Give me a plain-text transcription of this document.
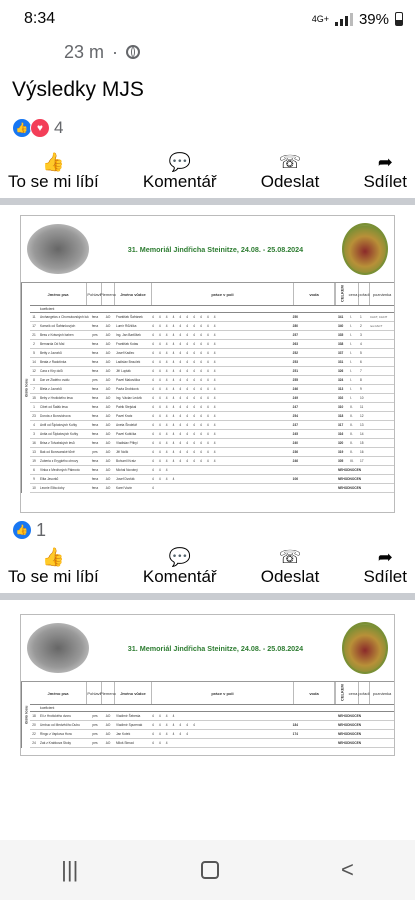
8:34	4G+ 39%
23 m ·
Výsledky MJS
👍 ♥ 4
👍
To se mi líbí
💬
Komentář
☏
Odeslat
➦
Sdílet
31. Memoriál Jindřicha Steinitze, 24.08. - 25.08.2024
číslo losu
Jméno psa	Pohlaví Plemeno	Jméno vůdce	práce v poli	voda	CELKEM	cena pořadí poznámka
koeficient
11	Archangelos z Chomutovských luk fena	AO	František Šafránek	4 4 4 4 4 4 4 4 4 4	250	341	I.	1	CACT, CACIT
17	Kamzík od Šafránkových	fena	AO	Lumír Růžička	4 4 4 4 4 4 4 4 4 4	280	340	I.	2	res.CACT
21	Bess z Krásných bahen	pes	AO	Ing. Jan Bartůšek	4 4 4 4 4 4 4 4 4 4	257	335	I.	3
2	Bernarda Od Mal	fena	AO	František Kotas	4 4 4 4 4 4 4 4 4 4	263	338	I.	4
5	Betty z Javorků	fena	AO	Josef Kadlec	4 4 4 4 4 4 4 4 4 4	252	337	I.	5
14	Beata z Radotínka	fena	AO	Ladislav Brouček	4 4 4 4 4 4 4 4 4 4	253	331	I.	6
12	Cara z Kiry dolů	fena	AO	Jiří Lupták	4 4 4 4 4 4 4 4 4 4	251	326	I.	7
8	Dar ze Zlatého oválu	pes	AO	Pavel Makovička	4 4 4 4 4 4 4 4 4 4	255	324	I.	8
7	Bleta z Javorků	fena	AO	Pavla Drobková	4 4 4 4 4 4 4 4 4 4	246	313	I.	9
15	Beby z Hrotického lesa	fena	AO	Ing. Václav Ledvik	4 4 4 4 4 4 4 4 4 4	249	302	I.	10
1	Cibet od Šafák lesa	fena	AO	Patrik Stejskal	4 4 4 4 4 4 4 4 4 4	247	310	II.	11
23	Dorota z Borovichova	fena	AO	Pavel Kratz	4 4 4 4 4 4 4 4 4 4	254	318	II.	12
4	Anifi od Šíplatových Kuřky	fena	AO	Aneta Šindelář	4 4 4 4 4 4 4 4 4 4	237	317	II.	13
3	Anita od Šíplatových Kuřky	fena	AO	Pavel Kubička	4 4 4 4 4 4 4 4 4 4	245	316	II.	14
16	Brisa z Tolvabských lesů	fena	AO	Vladislav Přibyl	4 4 4 4 4 4 4 4 4 4	240	320	II.	15
13	Bak od Borovanské tůně	pes	AO	Jiří Nolik	4 4 4 4 4 4 4 4 4 4	236	319	II.	16
19	Zuberia z Erygkého ohrovy	fena	AO	Bohumil Kratz	4 4 4 4 4 4 4 4 4 4	246	305	III.	17
6	Vinka z Medívných Pábrovic	fena	AO	Michal Novotný	4 4 4	NEHODNOCEN
9	Elita Javorků	fena	AO	Josef Dvořák	4 4 4 4	106	NEHODNOCEN
10	Leonie Elita doby	fena	AO	Karel Vozin	4	NEHODNOCEN
👍 1
👍
To se mi líbí
💬
Komentář
☏
Odeslat
➦
Sdílet
31. Memoriál Jindřicha Steinitze, 24.08. - 25.08.2024
číslo losu
Jméno psa	Pohlaví Plemeno	Jméno vůdce	práce v poli	voda	CELKEM	cena pořadí poznámka
koeficient
18	Eli z Hrotického dvoru	pes	AO	Vladimír Šebesta	4 4 4 4	NEHODNOCEN
20	Umbuo od Medvědího Dubu	pes	AO	Vladimír Spurenak	4 4 4 4 4 4 4	184	NEHODNOCEN
22	Ringo z Vapkova Hora	pes	AO	Jan Kotek	4 4 4 4 4 4	174	NEHODNOCEN
24	Zak z Krabkova Stoky	pes	AO	Miloš Strnad	4 4 4	NEHODNOCEN
|||	<
